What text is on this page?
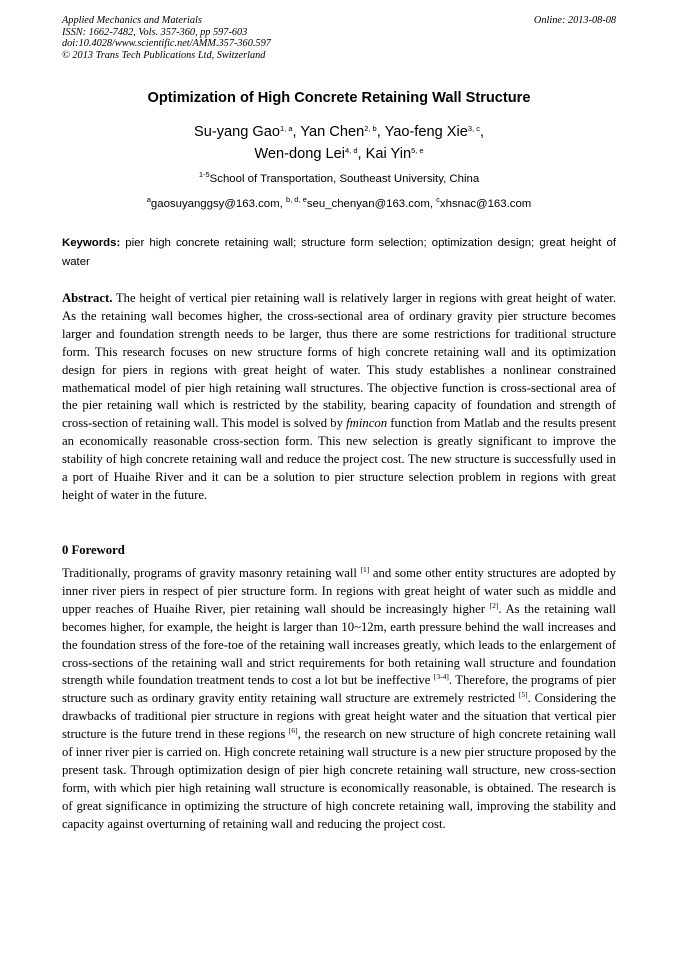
Applied Mechanics and Materials
ISSN: 1662-7482, Vols. 357-360, pp 597-603
doi:10.4028/www.scientific.net/AMM.357-360.597
© 2013 Trans Tech Publications Ltd, Switzerland
Online: 2013-08-08
Optimization of High Concrete Retaining Wall Structure
Su-yang Gao$^{1, a}$, Yan Chen$^{2, b}$, Yao-feng Xie$^{3, c}$,
Wen-dong Lei$^{4, d}$, Kai Yin$^{5, e}$
$^{1-5}$School of Transportation, Southeast University, China
$^a$gaosuyanggsy@163.com, $^{b, d, e}$seu_chenyan@163.com, $^c$xhsnac@163.com
Keywords: pier high concrete retaining wall; structure form selection; optimization design; great height of water
Abstract. The height of vertical pier retaining wall is relatively larger in regions with great height of water. As the retaining wall becomes higher, the cross-sectional area of ordinary gravity pier structure becomes larger and foundation strength needs to be larger, thus there are some restrictions for traditional structure form. This research focuses on new structure forms of high concrete retaining wall and its optimization design for piers in regions with great height of water. This study establishes a nonlinear constrained mathematical model of pier high retaining wall structures. The objective function is cross-sectional area of the pier retaining wall which is restricted by the stability, bearing capacity of foundation and strength of cross-section of retaining wall. This model is solved by fmincon function from Matlab and the results present an economically reasonable cross-section form. This new selection is greatly significant to improve the stability of high concrete retaining wall and reduce the project cost. The new structure is successfully used in a port of Huaihe River and it can be a solution to pier structure selection problem in regions with great height of water in the future.
0 Foreword
Traditionally, programs of gravity masonry retaining wall [1] and some other entity structures are adopted by inner river piers in respect of pier structure form. In regions with great height of water such as middle and upper reaches of Huaihe River, pier retaining wall should be increasingly higher [2]. As the retaining wall becomes higher, for example, the height is larger than 10~12m, earth pressure behind the wall increases and the foundation stress of the fore-toe of the retaining wall increases greatly, which leads to the enlargement of cross-sections of the retaining wall and strict requirements for both retaining wall structure and foundation strength while foundation treatment tends to cost a lot but be ineffective [3-4]. Therefore, the programs of pier structure such as ordinary gravity entity retaining wall structure are extremely restricted [5]. Considering the drawbacks of traditional pier structure in regions with great height water and the situation that vertical pier structure is the future trend in these regions [6], the research on new structure of high concrete retaining wall of inner river pier is carried on. High concrete retaining wall structure is a new pier structure proposed by the present task. Through optimization design of pier high concrete retaining wall structure, new cross-section form, with which pier high retaining wall structure is economically reasonable, is obtained. The research is of great significance in optimizing the structure of high concrete retaining wall, improving the stability and capacity against overturning of retaining wall and reducing the project cost.
